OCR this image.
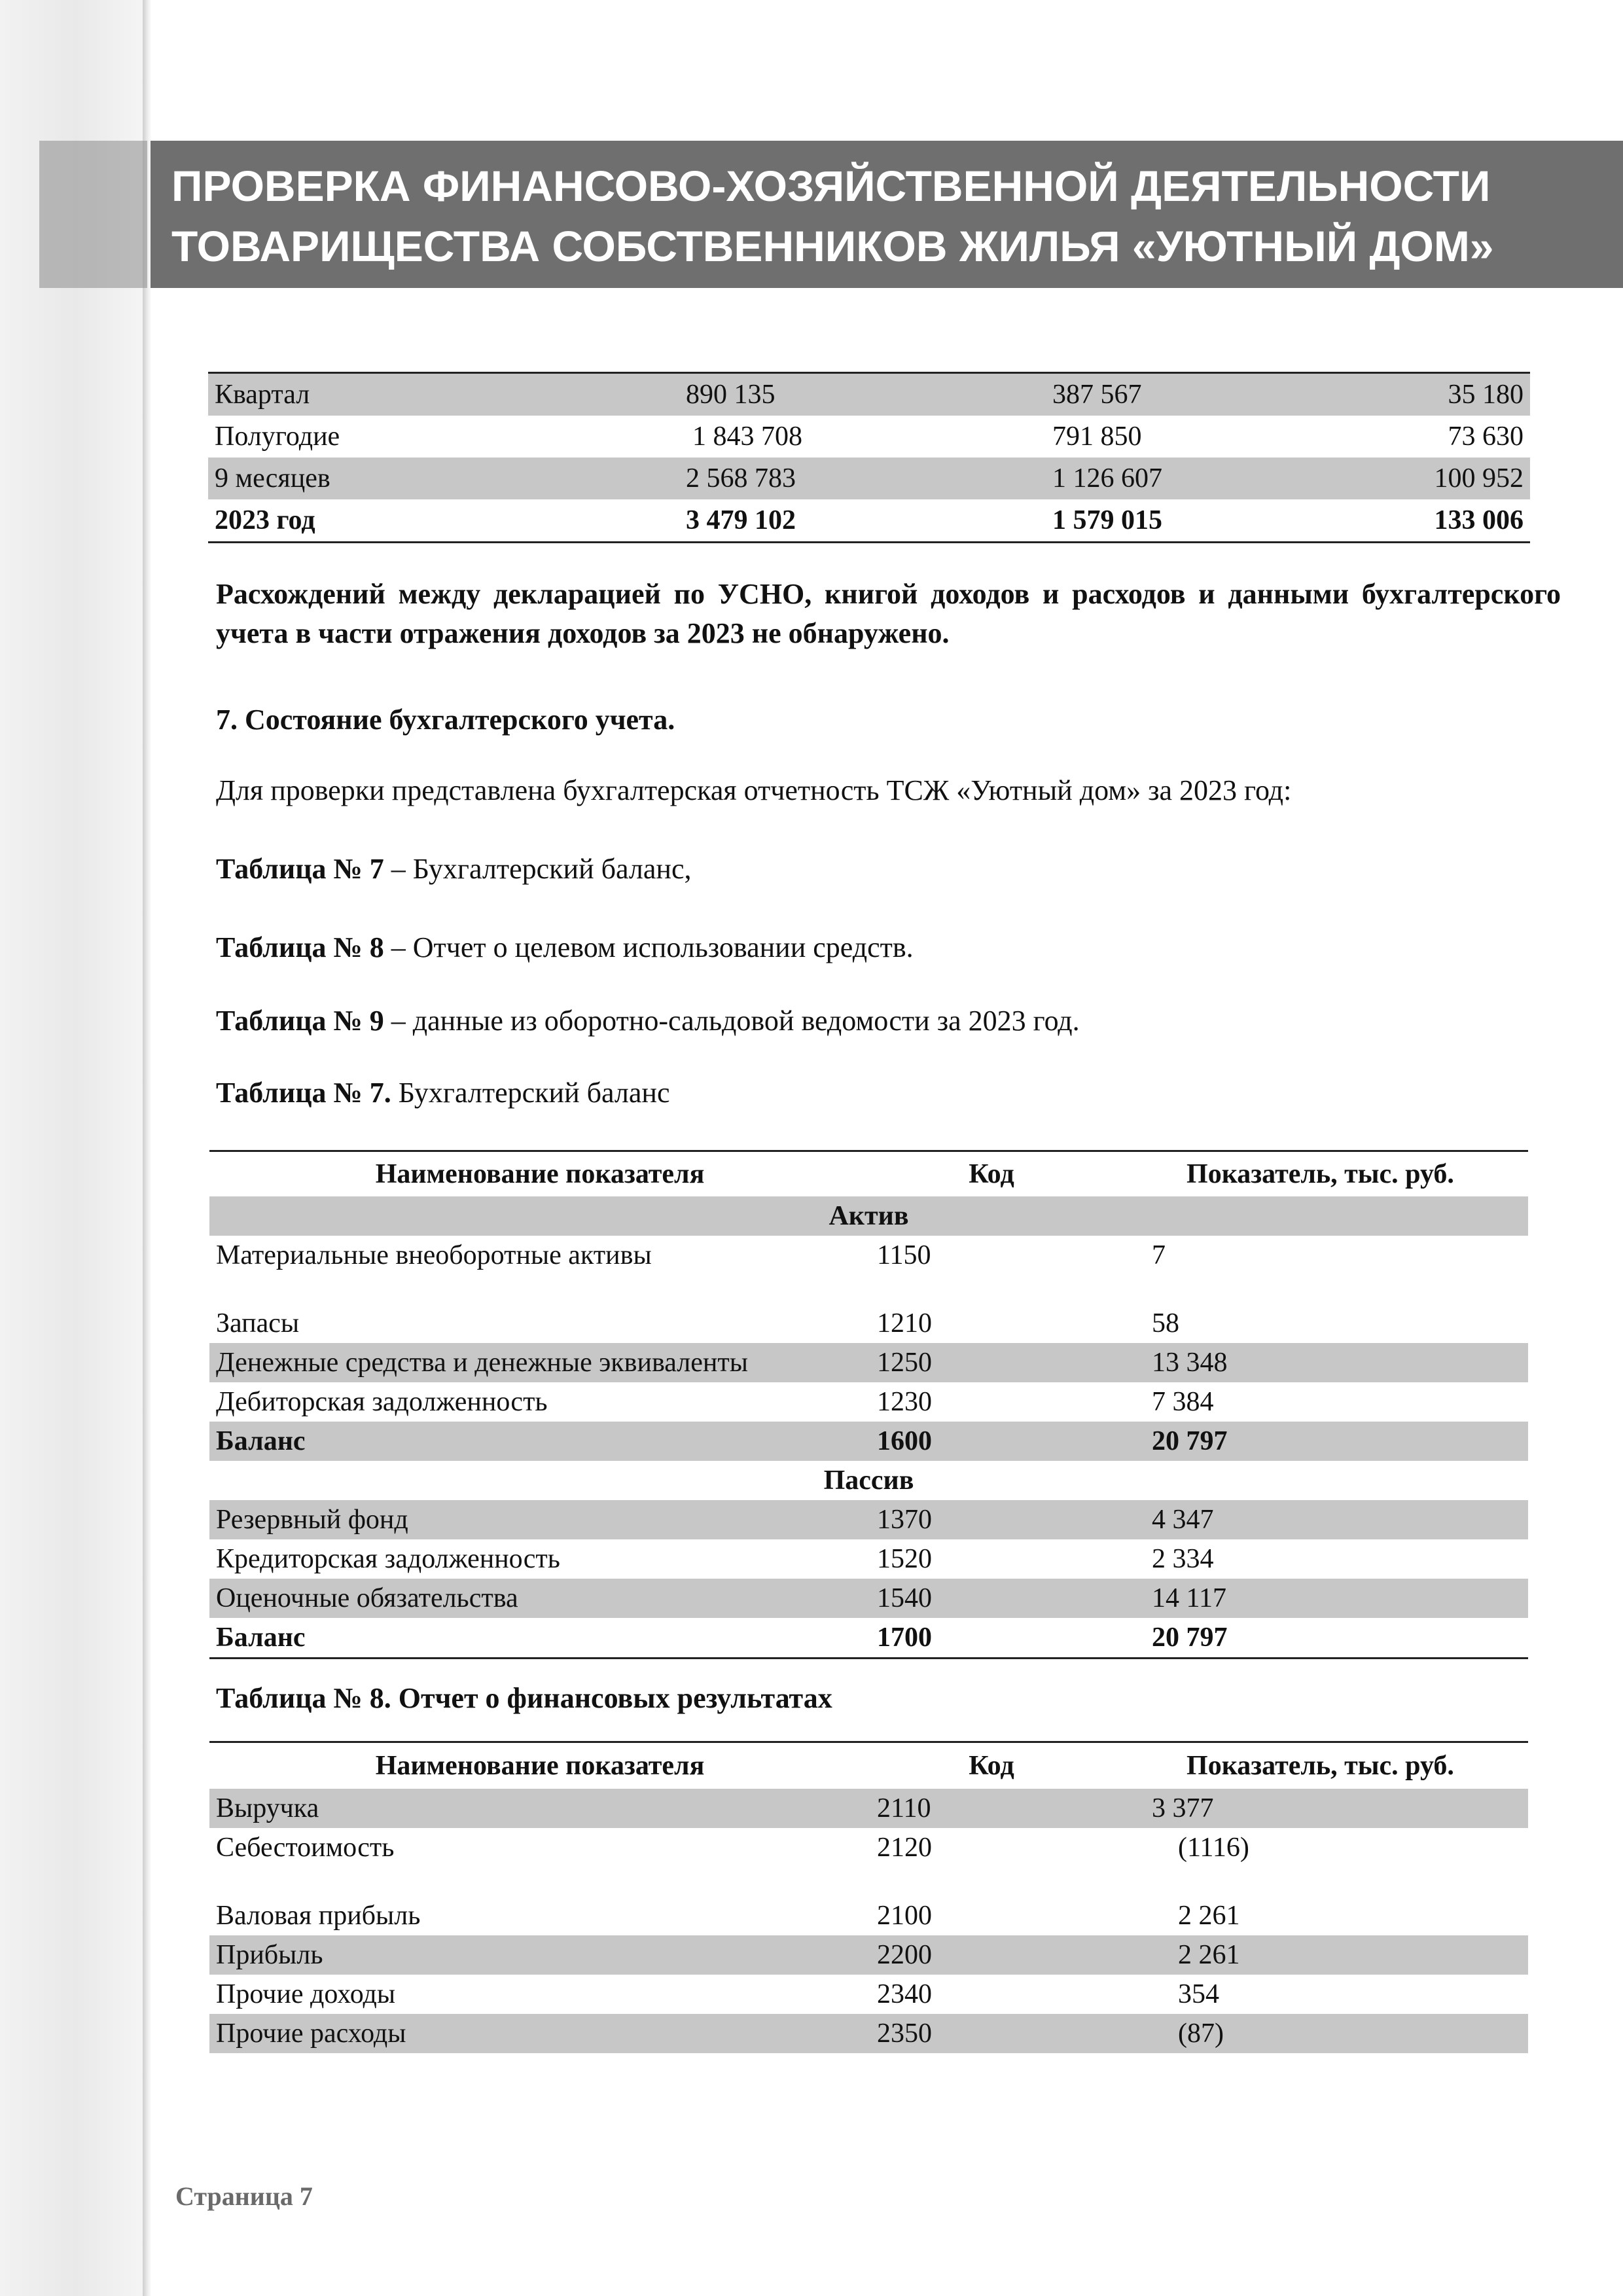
ПРОВЕРКА ФИНАНСОВО-ХОЗЯЙСТВЕННОЙ ДЕЯТЕЛЬНОСТИ
ТОВАРИЩЕСТВА СОБСТВЕННИКОВ ЖИЛЬЯ «УЮТНЫЙ ДОМ»
Квартал	890 135	387 567	35 180
Полугодие	1 843 708	791 850	73 630
9 месяцев	2 568 783	1 126 607	100 952
2023 год	3 479 102	1 579 015	133 006
Расхождений между декларацией по УСНО, книгой доходов и расходов и данными бухгалтерского учета в части отражения доходов за 2023 не обнаружено.
7. Состояние бухгалтерского учета.
Для проверки представлена бухгалтерская отчетность ТСЖ «Уютный дом» за 2023 год:
Таблица № 7 – Бухгалтерский баланс,
Таблица № 8 – Отчет о целевом использовании средств.
Таблица № 9 – данные из оборотно-сальдовой ведомости за 2023 год.
Таблица № 7. Бухгалтерский баланс
Наименование показателя	Код	Показатель, тыс. руб.
Актив		
Материальные внеоборотные активы	1150	7

Запасы	1210	58
Денежные средства и денежные эквиваленты	1250	13 348
Дебиторская задолженность	1230	7 384
Баланс	1600	20 797
Пассив		
Резервный фонд	1370	4 347
Кредиторская задолженность	1520	2 334
Оценочные обязательства	1540	14 117
Баланс	1700	20 797
Таблица № 8. Отчет о финансовых результатах
Наименование показателя	Код	Показатель, тыс. руб.
Выручка	2110	3 377
Себестоимость	2120	(1116)

Валовая прибыль	2100	2 261
Прибыль	2200	2 261
Прочие доходы	2340	354
Прочие расходы	2350	(87)
Страница 7
